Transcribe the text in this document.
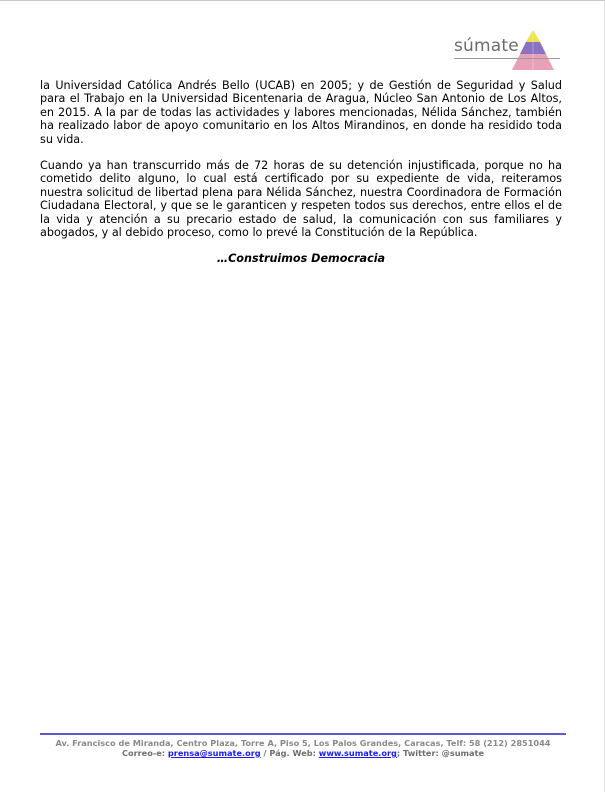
súmate

la Universidad Católica Andrés Bello (UCAB) en 2005; y de Gestión de Seguridad y Salud para el Trabajo en la Universidad Bicentenaria de Aragua, Núcleo San Antonio de Los Altos, en 2015. A la par de todas las actividades y labores mencionadas, Nélida Sánchez, también ha realizado labor de apoyo comunitario en los Altos Mirandinos, en donde ha residido toda su vida.

Cuando ya han transcurrido más de 72 horas de su detención injustificada, porque no ha cometido delito alguno, lo cual está certificado por su expediente de vida, reiteramos nuestra solicitud de libertad plena para Nélida Sánchez, nuestra Coordinadora de Formación Ciudadana Electoral, y que se le garanticen y respeten todos sus derechos, entre ellos el de la vida y atención a su precario estado de salud, la comunicación con sus familiares y abogados, y al debido proceso, como lo prevé la Constitución de la República.

…Construimos Democracia

Av. Francisco de Miranda, Centro Plaza, Torre A, Piso 5, Los Palos Grandes, Caracas, Telf: 58 (212) 2851044
Correo-e: prensa@sumate.org / Pág. Web: www.sumate.org; Twitter: @sumate
